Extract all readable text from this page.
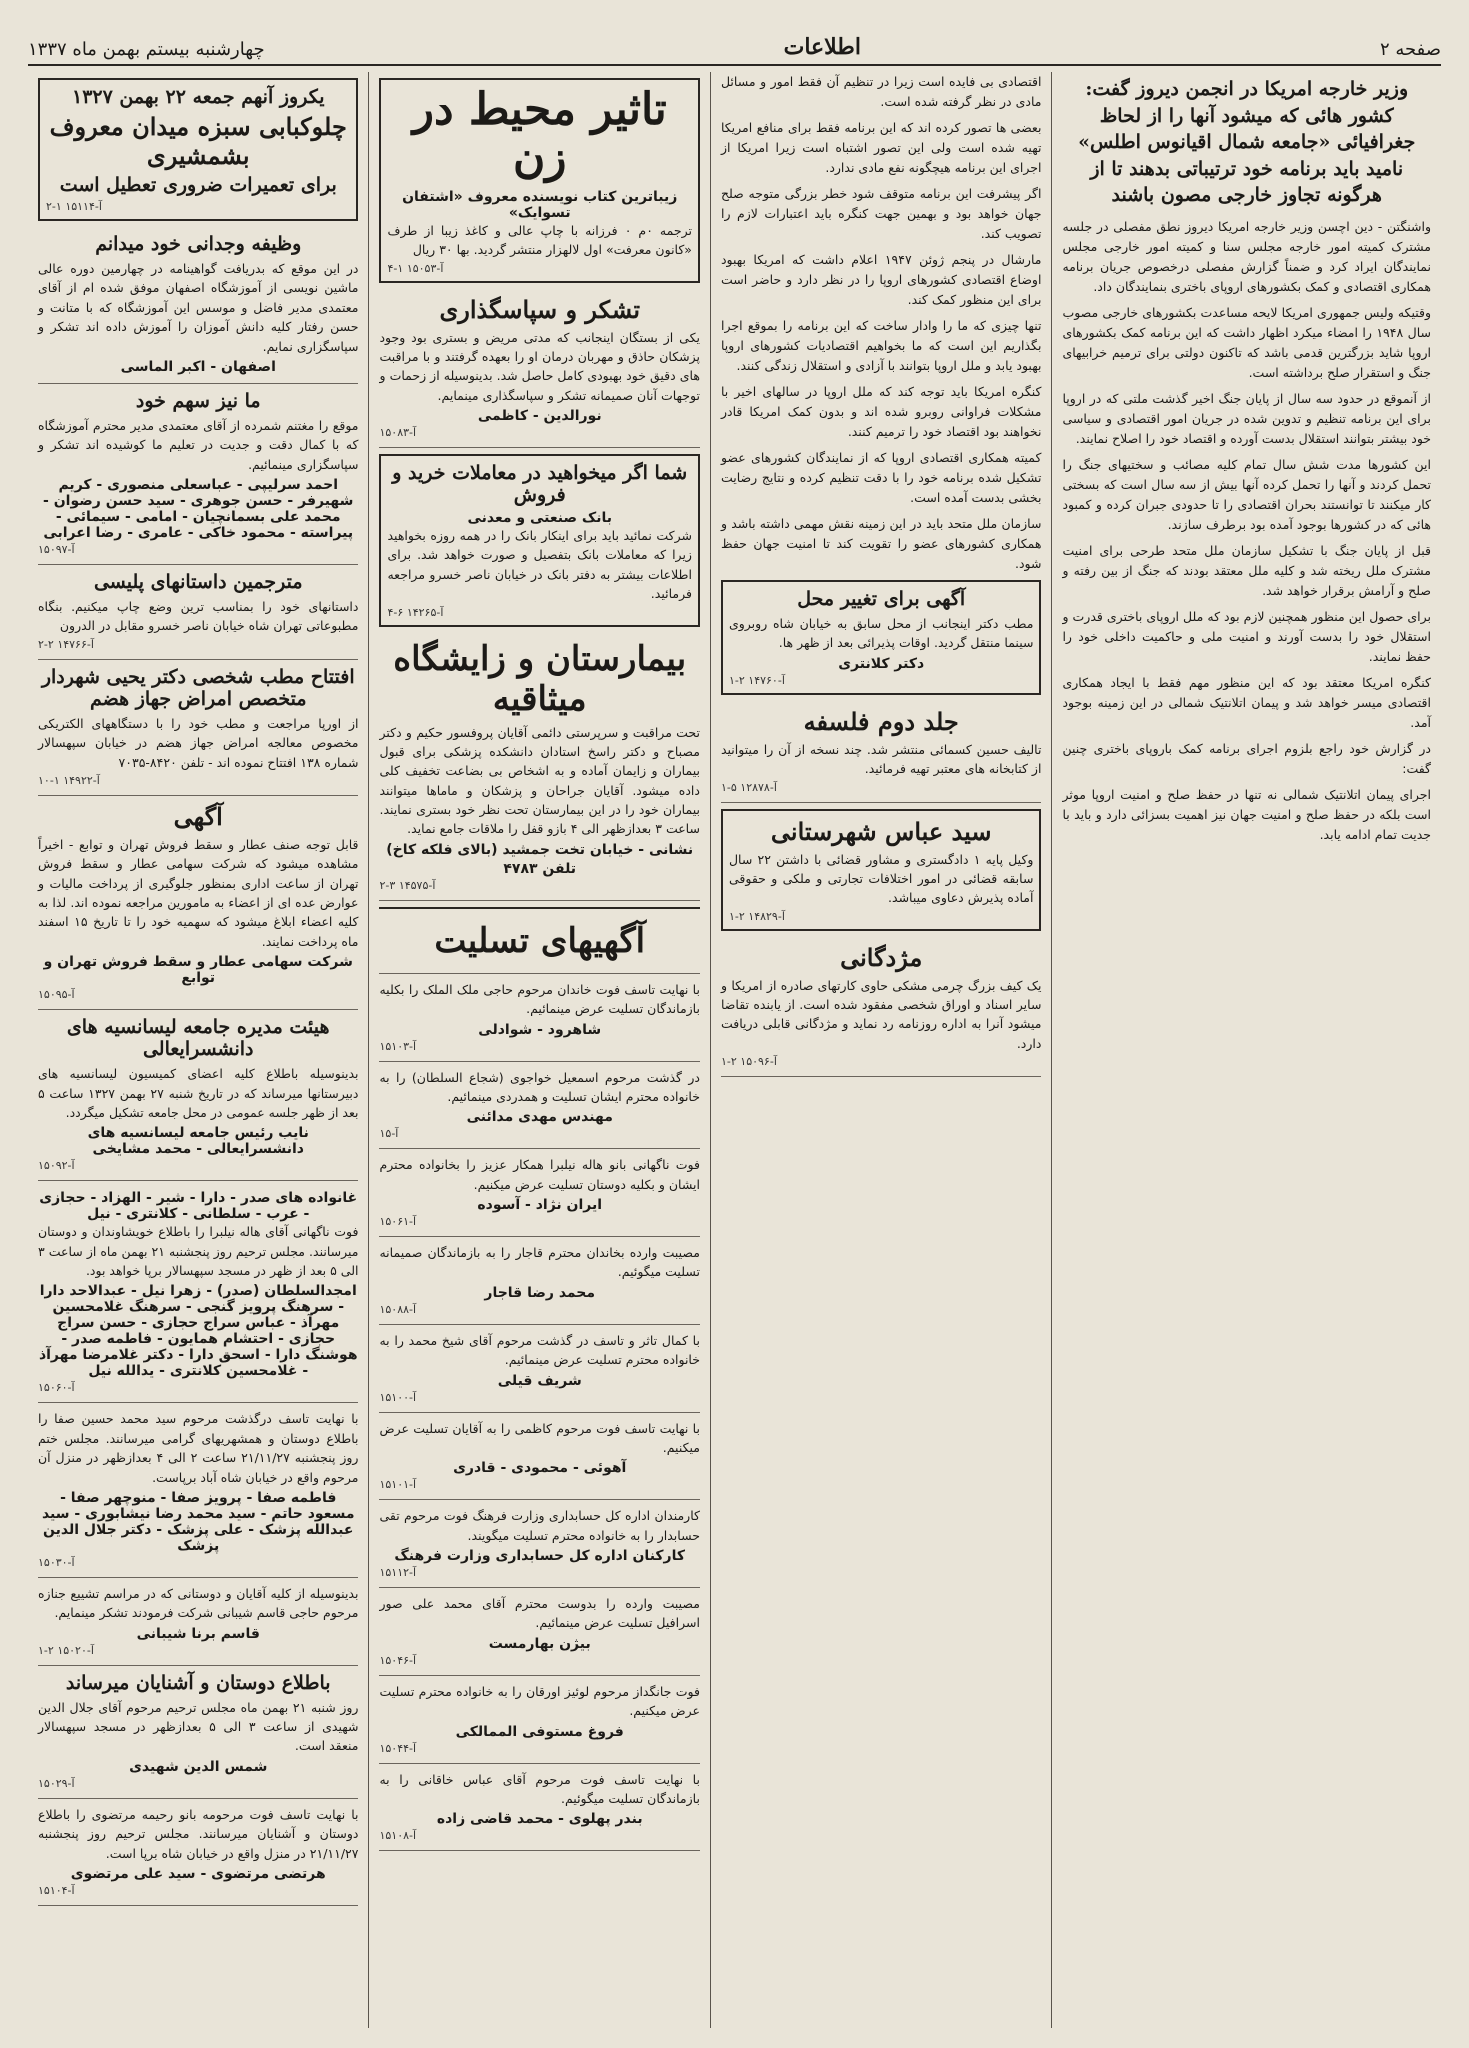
صفحه ۲
اطلاعات
چهارشنبه بیستم بهمن ماه ۱۳۳۷
وزیر خارجه امریکا در انجمن دیروز گفت: کشور هائی که میشود آنها را از لحاظ جغرافیائی «جامعه شمال اقیانوس اطلس» نامید باید برنامه خود ترتیباتی بدهند تا از هرگونه تجاوز خارجی مصون باشند

واشنگتن - دین اچسن وزیر خارجه امریکا دیروز نطق مفصلی در جلسه مشترک کمیته امور خارجه مجلس سنا و کمیته امور خارجی مجلس نمایندگان ایراد کرد و ضمناً گزارش مفصلی درخصوص جریان برنامه همکاری اقتصادی و کمک بکشورهای اروپای باختری بنمایندگان داد.

وقتیکه ولیس جمهوری امریکا لایحه مساعدت بکشورهای خارجی مصوب سال ۱۹۴۸ را امضاء میکرد اظهار داشت که این برنامه کمک بکشورهای اروپا شاید بزرگترین قدمی باشد که تاکنون دولتی برای ترمیم خرابیهای جنگ و استقرار صلح برداشته است.

از آنموقع در حدود سه سال از پایان جنگ اخیر گذشت ملتی که در اروپا برای این برنامه تنظیم و تدوین شده در جریان امور اقتصادی و سیاسی خود بیشتر بتوانند استقلال بدست آورده و اقتصاد خود را اصلاح نمایند.

این کشورها مدت شش سال تمام کلیه مصائب و سختیهای جنگ را تحمل کردند و آنها را تحمل کرده آنها بیش از سه سال است که بسختی کار میکنند تا توانستند بحران اقتصادی را تا حدودی جبران کرده و کمبود هائی که در کشورها بوجود آمده بود برطرف سازند.

قبل از پایان جنگ با تشکیل سازمان ملل متحد طرحی برای امنیت مشترک ملل ریخته شد و کلیه ملل معتقد بودند که جنگ از بین رفته و صلح و آرامش برقرار خواهد شد.

برای حصول این منظور همچنین لازم بود که ملل اروپای باختری قدرت و استقلال خود را بدست آورند و امنیت ملی و حاکمیت داخلی خود را حفظ نمایند.

کنگره امریکا معتقد بود که این منظور مهم فقط با ایجاد همکاری اقتصادی میسر خواهد شد و پیمان اتلانتیک شمالی در این زمینه بوجود آمد.

در گزارش خود راجع بلزوم اجرای برنامه کمک باروپای باختری چنین گفت:

اجرای پیمان اتلانتیک شمالی نه تنها در حفظ صلح و امنیت اروپا موثر است بلکه در حفظ صلح و امنیت جهان نیز اهمیت بسزائی دارد و باید با جدیت تمام ادامه یابد.

اقتصادی بی فایده است زیرا در تنظیم آن فقط امور و مسائل مادی در نظر گرفته شده است.

بعضی ها تصور کرده اند که این برنامه فقط برای منافع امریکا تهیه شده است ولی این تصور اشتباه است زیرا امریکا از اجرای این برنامه هیچگونه نفع مادی ندارد.

اگر پیشرفت این برنامه متوقف شود خطر بزرگی متوجه صلح جهان خواهد بود و بهمین جهت کنگره باید اعتبارات لازم را تصویب کند.

مارشال در پنجم ژوئن ۱۹۴۷ اعلام داشت که امریکا بهبود اوضاع اقتصادی کشورهای اروپا را در نظر دارد و حاضر است برای این منظور کمک کند.

تنها چیزی که ما را وادار ساخت که این برنامه را بموقع اجرا بگذاریم این است که ما بخواهیم اقتصادیات کشورهای اروپا بهبود یابد و ملل اروپا بتوانند با آزادی و استقلال زندگی کنند.

کنگره امریکا باید توجه کند که ملل اروپا در سالهای اخیر با مشکلات فراوانی روبرو شده اند و بدون کمک امریکا قادر نخواهند بود اقتصاد خود را ترمیم کنند.

کمیته همکاری اقتصادی اروپا که از نمایندگان کشورهای عضو تشکیل شده برنامه خود را با دقت تنظیم کرده و نتایج رضایت بخشی بدست آمده است.

سازمان ملل متحد باید در این زمینه نقش مهمی داشته باشد و همکاری کشورهای عضو را تقویت کند تا امنیت جهان حفظ شود.

آگهی برای تغییر محل

مطب دکتر اینجانب از محل سابق به خیابان شاه روبروی سینما منتقل گردید. اوقات پذیرائی بعد از ظهر ها.

دکتر کلانتری
آ-۱۴۷۶۰ ۲-۱
جلد دوم فلسفه

تالیف حسین کسمائی منتشر شد. چند نسخه از آن را میتوانید از کتابخانه های معتبر تهیه فرمائید.

آ-۱۲۸۷۸ ۵-۱
سید عباس شهرستانی

وکیل پایه ۱ دادگستری و مشاور قضائی با داشتن ۲۲ سال سابقه قضائی در امور اختلافات تجارتی و ملکی و حقوقی آماده پذیرش دعاوی میباشد.

آ-۱۴۸۲۹ ۲-۱
مژدگانی

یک کیف بزرگ چرمی مشکی حاوی کارتهای صادره از امریکا و سایر اسناد و اوراق شخصی مفقود شده است. از یابنده تقاضا میشود آنرا به اداره روزنامه رد نماید و مژدگانی قابلی دریافت دارد.

آ-۱۵۰۹۶ ۲-۱
تاثیر محیط در زن
زیباترین کتاب نویسنده معروف «اشتفان تسوایک»

ترجمه ۰م ۰ فرزانه با چاپ عالی و کاغذ زیبا از طرف «کانون معرفت» اول لالهزار منتشر گردید. بها ۳۰ ریال

آ-۱۵۰۵۳ ۱-۴
تشکر و سپاسگذاری

یکی از بستگان اینجانب که مدتی مریض و بستری بود وجود پزشکان حاذق و مهربان درمان او را بعهده گرفتند و با مراقبت های دقیق خود بهبودی کامل حاصل شد. بدینوسیله از زحمات و توجهات آنان صمیمانه تشکر و سپاسگذاری مینمایم.

نورالدین - کاظمی
آ-۱۵۰۸۳
شما اگر میخواهید در معاملات خرید و فروش
بانک صنعتی و معدنی

شرکت نمائید باید برای اینکار بانک را در همه روزه بخواهید زیرا که معاملات بانک بتفصیل و صورت خواهد شد. برای اطلاعات بیشتر به دفتر بانک در خیابان ناصر خسرو مراجعه فرمائید.

آ-۱۴۲۶۵ ۶-۴
بیمارستان و زایشگاه میثاقیه

تحت مراقبت و سرپرستی دائمی آقایان پروفسور حکیم و دکتر مصباح و دکتر راسخ استادان دانشکده پزشکی برای قبول بیماران و زایمان آماده و به اشخاص بی بضاعت تخفیف کلی داده میشود. آقایان جراحان و پزشکان و ماماها میتوانند بیماران خود را در این بیمارستان تحت نظر خود بستری نمایند. ساعت ۳ بعدازظهر الی ۴ بازو قفل را ملاقات جامع نماید.

نشانی - خیابان تخت جمشید (بالای فلکه کاخ)
تلفن ۴۷۸۳
آ-۱۴۵۷۵ ۳-۲
آگهیهای تسلیت

با نهایت تاسف فوت خاندان مرحوم حاجی ملک الملک را بکلیه بازماندگان تسلیت عرض مینمائیم.

شاهرود - شوادلی
آ-۱۵۱۰۳

در گذشت مرحوم اسمعیل خواجوی (شجاع السلطان) را به خانواده محترم ایشان تسلیت و همدردی مینمائیم.

مهندس مهدی مدائنی
آ-۱۵

فوت ناگهانی بانو هاله نیلبرا همکار عزیز را بخانواده محترم ایشان و بکلیه دوستان تسلیت عرض میکنیم.

ایران نژاد - آسوده
آ-۱۵۰۶۱

مصیبت وارده بخاندان محترم قاجار را به بازماندگان صمیمانه تسلیت میگوئیم.

محمد رضا قاجار
آ-۱۵۰۸۸

با کمال تاثر و تاسف در گذشت مرحوم آقای شیخ محمد را به خانواده محترم تسلیت عرض مینمائیم.

شریف قیلی
آ-۱۵۱۰۰

با نهایت تاسف فوت مرحوم کاظمی را به آقایان تسلیت عرض میکنیم.

آهوئی - محمودی - قادری
آ-۱۵۱۰۱

کارمندان اداره کل حسابداری وزارت فرهنگ فوت مرحوم تقی حسابدار را به خانواده محترم تسلیت میگویند.

کارکنان اداره کل حسابداری وزارت فرهنگ
آ-۱۵۱۱۲

مصیبت وارده را بدوست محترم آقای محمد علی صور اسرافیل تسلیت عرض مینمائیم.

بیژن بهارمست
آ-۱۵۰۴۶

فوت جانگداز مرحوم لوئیز اورقان را به خانواده محترم تسلیت عرض میکنیم.

فروغ مستوفی الممالکی
آ-۱۵۰۴۴

با نهایت تاسف فوت مرحوم آقای عباس خاقانی را به بازماندگان تسلیت میگوئیم.

بندر پهلوی - محمد قاضی زاده
آ-۱۵۱۰۸
یکروز آنهم جمعه ۲۲ بهمن ۱۳۲۷
چلوکبابی سبزه میدان معروف بشمشیری
برای تعمیرات ضروری تعطیل است
آ-۱۵۱۱۴ ۱-۲
وظیفه وجدانی خود میدانم

در این موقع که بدریافت گواهینامه در چهارمین دوره عالی ماشین نویسی از آموزشگاه اصفهان موفق شده ام از آقای معتمدی مدیر فاضل و موسس این آموزشگاه که با متانت و حسن رفتار کلیه دانش آموزان را آموزش داده اند تشکر و سپاسگزاری نمایم.

اصفهان - اکبر الماسی
ما نیز سهم خود

موقع را مغتنم شمرده از آقای معتمدی مدیر محترم آموزشگاه که با کمال دقت و جدیت در تعلیم ما کوشیده اند تشکر و سپاسگزاری مینمائیم.

احمد سرلیپی - عباسعلی منصوری - کریم شهیرفر - حسن جوهری - سید حسن رضوان - محمد علی بسمانچیان - امامی - سیمائی - پیراسته - محمود خاکی - عامری - رضا اعرابی
آ-۱۵۰۹۷
مترجمین داستانهای پلیسی

داستانهای خود را بمناسب ترین وضع چاپ میکنیم. بنگاه مطبوعاتی تهران شاه خیابان ناصر خسرو مقابل در الدرون

آ-۱۴۷۶۶ ۲-۲
افتتاح مطب شخصی دکتر یحیی شهردار متخصص امراض جهاز هضم

از اورپا مراجعت و مطب خود را با دستگاههای الکتریکی مخصوص معالجه امراض جهاز هضم در خیابان سپهسالار شماره ۱۳۸ افتتاح نموده اند - تلفن ۸۴۲۰-۷۰۳۵

آ-۱۴۹۲۲ ۱-۱۰
آگهی

قابل توجه صنف عطار و سقط فروش تهران و توابع - اخیراً مشاهده میشود که شرکت سهامی عطار و سقط فروش تهران از ساعت اداری بمنظور جلوگیری از پرداخت مالیات و عوارض عده ای از اعضاء به مامورین مراجعه نموده اند. لذا به کلیه اعضاء ابلاغ میشود که سهمیه خود را تا تاریخ ۱۵ اسفند ماه پرداخت نمایند.

شرکت سهامی عطار و سقط فروش تهران و توابع
آ-۱۵۰۹۵
هیئت مدیره جامعه لیسانسیه های دانشسرایعالی

بدینوسیله باطلاع کلیه اعضای کمیسیون لیسانسیه های دبیرستانها میرساند که در تاریخ شنبه ۲۷ بهمن ۱۳۲۷ ساعت ۵ بعد از ظهر جلسه عمومی در محل جامعه تشکیل میگردد.

نایب رئیس جامعه لیسانسیه های دانشسرایعالی - محمد مشایخی
آ-۱۵۰۹۲
غانواده های صدر - دارا - شیر - الهزاد - حجازی - عرب - سلطانی - کلانتری - نیل

فوت ناگهانی آقای هاله نیلبرا را باطلاع خویشاوندان و دوستان میرسانند. مجلس ترحیم روز پنجشنبه ۲۱ بهمن ماه از ساعت ۳ الی ۵ بعد از ظهر در مسجد سپهسالار برپا خواهد بود.

امجدالسلطان (صدر) - زهرا نیل - عبدالاحد دارا - سرهنگ پرویز گنجی - سرهنگ غلامحسین مهرآذ - عباس سراج حجازی - حسن سراج حجازی - احتشام همایون - فاطمه صدر - هوشنگ دارا - اسحق دارا - دکتر غلامرضا مهرآذ - غلامحسین کلانتری - یدالله نیل
آ-۱۵۰۶۰

با نهایت تاسف درگذشت مرحوم سید محمد حسین صفا را باطلاع دوستان و همشهریهای گرامی میرسانند. مجلس ختم روز پنجشنبه ۲۱/۱۱/۲۷ ساعت ۲ الی ۴ بعدازظهر در منزل آن مرحوم واقع در خیابان شاه آباد برپاست.

فاطمه صفا - پرویز صفا - منوچهر صفا - مسعود حاتم - سید محمد رضا نیشابوری - سید عبدالله پزشک - علی پزشک - دکتر جلال الدین پزشک
آ-۱۵۰۳۰

بدینوسیله از کلیه آقایان و دوستانی که در مراسم تشییع جنازه مرحوم حاجی قاسم شیبانی شرکت فرمودند تشکر مینمایم.

قاسم برنا شیبانی
آ-۱۵۰۲۰ ۲-۱
باطلاع دوستان و آشنایان میرساند

روز شنبه ۲۱ بهمن ماه مجلس ترحیم مرحوم آقای جلال الدین شهیدی از ساعت ۳ الی ۵ بعدازظهر در مسجد سپهسالار منعقد است.

شمس الدین شهیدی
آ-۱۵۰۲۹

با نهایت تاسف فوت مرحومه بانو رحیمه مرتضوی را باطلاع دوستان و آشنایان میرسانند. مجلس ترحیم روز پنجشنبه ۲۱/۱۱/۲۷ در منزل واقع در خیابان شاه برپا است.

هرتضی مرتضوی - سید علی مرتضوی
آ-۱۵۱۰۴
